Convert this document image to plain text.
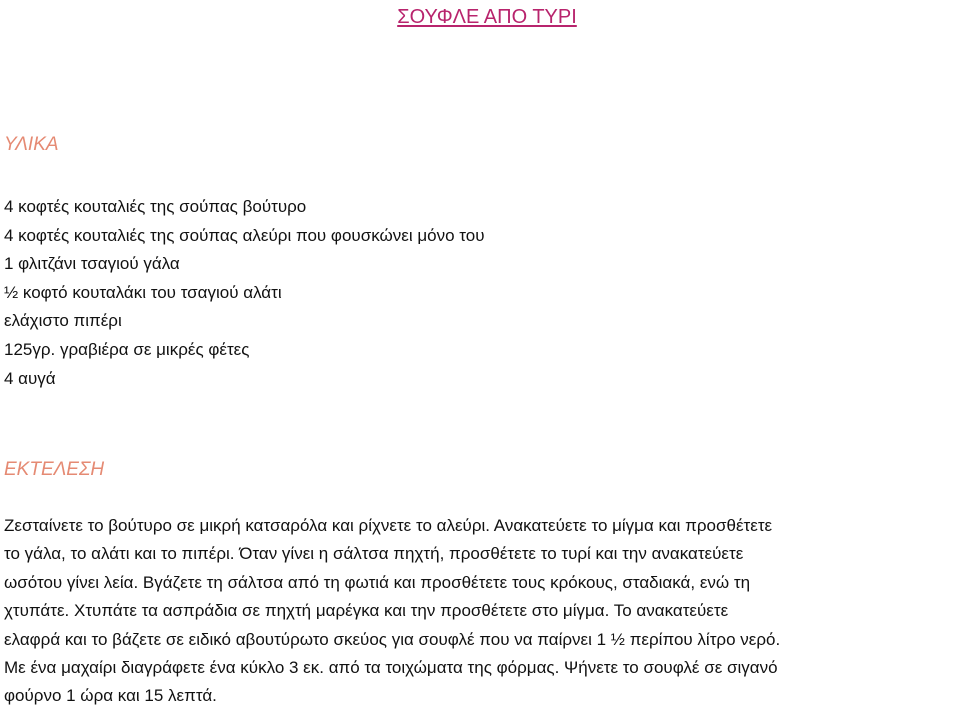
ΣΟΥΦΛΕ ΑΠΟ ΤΥΡΙ
ΥΛΙΚΑ
4 κοφτές κουταλιές της σούπας βούτυρο
4 κοφτές κουταλιές της σούπας αλεύρι που φουσκώνει μόνο του
1 φλιτζάνι τσαγιού γάλα
½ κοφτό κουταλάκι του τσαγιού αλάτι
ελάχιστο πιπέρι
125γρ. γραβιέρα σε μικρές φέτες
4 αυγά
ΕΚΤΕΛΕΣΗ

Ζεσταίνετε το βούτυρο σε μικρή κατσαρόλα και ρίχνετε το αλεύρι. Ανακατεύετε το μίγμα και προσθέτετε
το γάλα, το αλάτι και το πιπέρι. Όταν γίνει η σάλτσα πηχτή, προσθέτετε το τυρί και την ανακατεύετε
ωσότου γίνει λεία. Βγάζετε τη σάλτσα από τη φωτιά και προσθέτετε τους κρόκους, σταδιακά, ενώ τη
χτυπάτε. Χτυπάτε τα ασπράδια σε πηχτή μαρέγκα και την προσθέτετε στο μίγμα. Το ανακατεύετε
ελαφρά και το βάζετε σε ειδικό αβουτύρωτο σκεύος για σουφλέ που να παίρνει 1 ½ περίπου λίτρο νερό.
Με ένα μαχαίρι διαγράφετε ένα κύκλο 3 εκ. από τα τοιχώματα της φόρμας. Ψήνετε το σουφλέ σε σιγανό
φούρνο 1 ώρα και 15 λεπτά.
